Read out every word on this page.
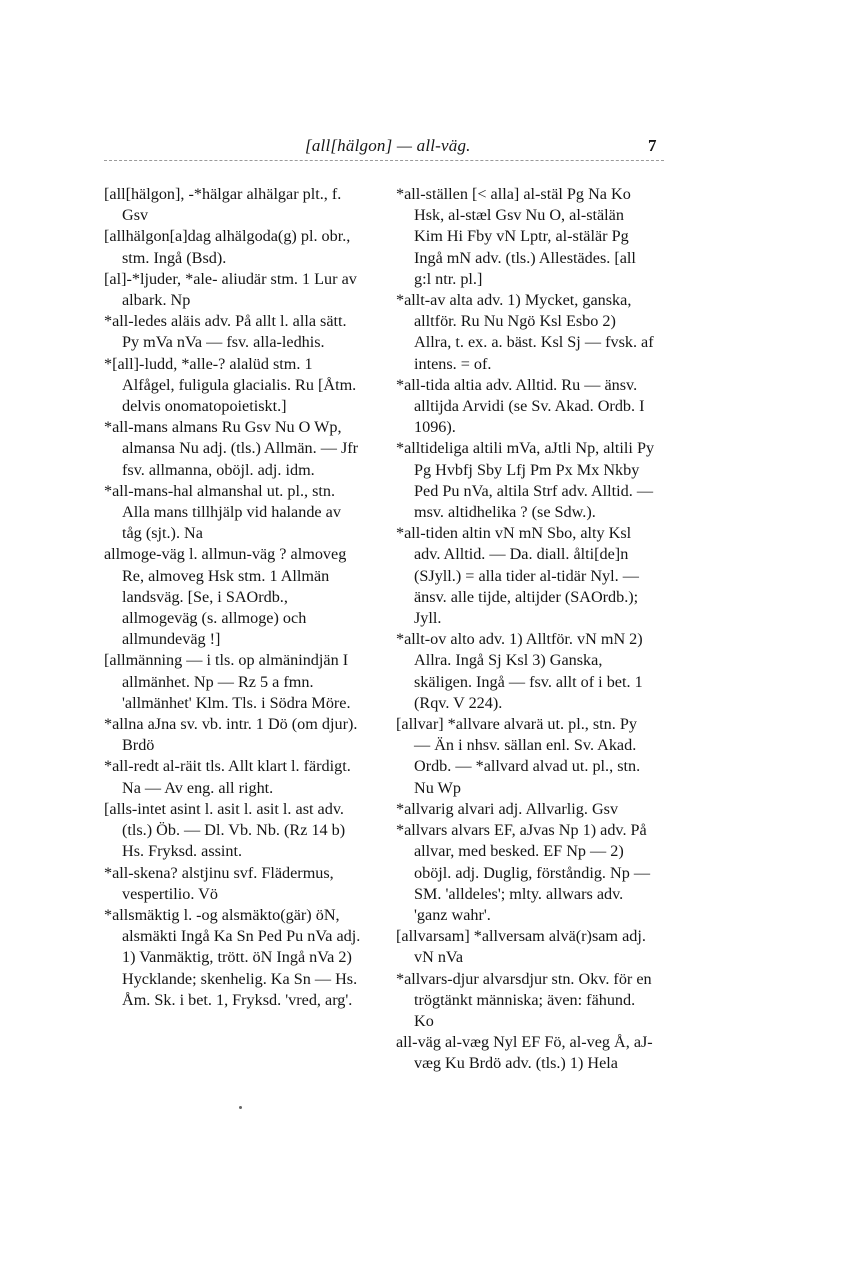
[all[hälgon] — all-väg.	7

[all[hälgon], -*hälgar alhälgar plt., f. Gsv

[allhälgon[a]dag alhälgoda(g) pl. obr., stm. Ingå (Bsd).

[al]-*ljuder, *ale- aliudär stm. 1 Lur av albark. Np

*all-ledes aläis adv. På allt l. alla sätt. Py mVa nVa — fsv. alla-ledhis.

*[all]-ludd, *alle-? alalüd stm. 1 Alfågel, fuligula glacialis. Ru [Åtm. delvis onomatopoietiskt.]

*all-mans almans Ru Gsv Nu O Wp, almansa Nu adj. (tls.) Allmän. — Jfr fsv. allmanna, oböjl. adj. idm.

*all-mans-hal almanshal ut. pl., stn. Alla mans tillhjälp vid halande av tåg (sjt.). Na

allmoge-väg l. allmun-väg ? almoveg Re, almoveg Hsk stm. 1 Allmän landsväg. [Se, i SAOrdb., allmogeväg (s. allmoge) och allmundeväg !]

[allmänning — i tls. op almänindjän I allmänhet. Np — Rz 5 a fmn. 'allmänhet' Klm. Tls. i Södra Möre.

*allna aJna sv. vb. intr. 1 Dö (om djur). Brdö

*all-redt al-räit tls. Allt klart l. färdigt. Na — Av eng. all right.

[alls-intet asint l. asit l. asit l. ast adv. (tls.) Öb. — Dl. Vb. Nb. (Rz 14 b) Hs. Fryksd. assint.

*all-skena? alstjinu svf. Flädermus, vespertilio. Vö

*allsmäktig l. -og alsmäkto(gär) öN, alsmäkti Ingå Ka Sn Ped Pu nVa adj. 1) Vanmäktig, trött. öN Ingå nVa 2) Hycklande; skenhelig. Ka Sn — Hs. Åm. Sk. i bet. 1, Fryksd. 'vred, arg'.

*all-ställen [< alla] al-stäl Pg Na Ko Hsk, al-stæl Gsv Nu O, al-stälän Kim Hi Fby vN Lptr, al-stälär Pg Ingå mN adv. (tls.) Allestädes. [all g:l ntr. pl.]

*allt-av alta adv. 1) Mycket, ganska, alltför. Ru Nu Ngö Ksl Esbo 2) Allra, t. ex. a. bäst. Ksl Sj — fvsk. af intens. = of.

*all-tida altia adv. Alltid. Ru — änsv. alltijda Arvidi (se Sv. Akad. Ordb. I 1096).

*alltideliga altili mVa, aJtli Np, altili Py Pg Hvbfj Sby Lfj Pm Px Mx Nkby Ped Pu nVa, altila Strf adv. Alltid. — msv. altidhelika ? (se Sdw.).

*all-tiden altin vN mN Sbo, alty Ksl adv. Alltid. — Da. diall. ålti[de]n (SJyll.) = alla tider al-tidär Nyl. — änsv. alle tijde, altijder (SAOrdb.); Jyll.

*allt-ov alto adv. 1) Alltför. vN mN 2) Allra. Ingå Sj Ksl 3) Ganska, skäligen. Ingå — fsv. allt of i bet. 1 (Rqv. V 224).

[allvar] *allvare alvarä ut. pl., stn. Py — Än i nhsv. sällan enl. Sv. Akad. Ordb. — *allvard alvad ut. pl., stn. Nu Wp

*allvarig alvari adj. Allvarlig. Gsv

*allvars alvars EF, aJvas Np 1) adv. På allvar, med besked. EF Np — 2) oböjl. adj. Duglig, förståndig. Np — SM. 'alldeles'; mlty. allwars adv. 'ganz wahr'.

[allvarsam] *allversam alvä(r)sam adj. vN nVa

*allvars-djur alvarsdjur stn. Okv. för en trögtänkt människa; även: fähund. Ko

all-väg al-væg Nyl EF Fö, al-veg Å, aJ-væg Ku Brdö adv. (tls.) 1) Hela
